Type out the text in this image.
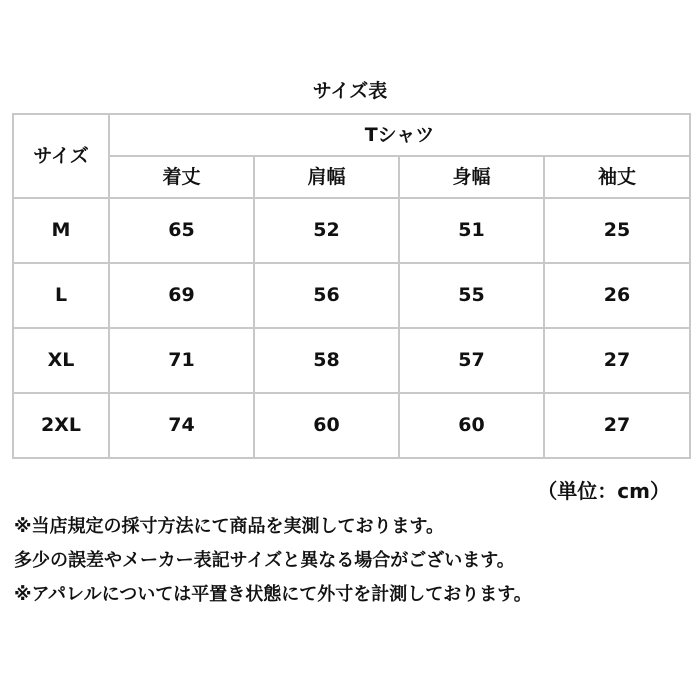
サイズ表
サイズ	Tシャツ			
	着丈	肩幅	身幅	袖丈
M	65	52	51	25
L	69	56	55	26
XL	71	58	57	27
2XL	74	60	60	27
（単位：cm）
※当店規定の採寸方法にて商品を実測しております。
多少の誤差やメーカー表記サイズと異なる場合がございます。
※アパレルについては平置き状態にて外寸を計測しております。
